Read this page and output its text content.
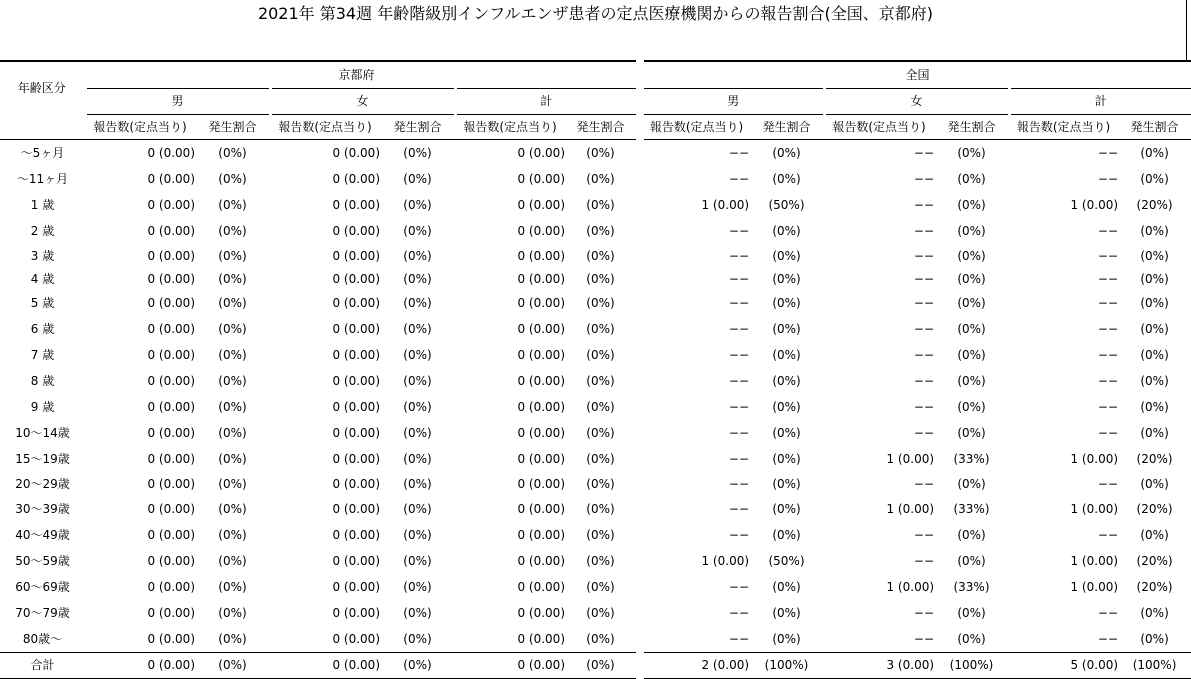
2021年 第34週 年齢階級別インフルエンザ患者の定点医療機関からの報告割合(全国、京都府)
年齢区分	京都府						全国					
	男		女		計		男		女		計	
	報告数(定点当り)	発生割合	報告数(定点当り)	発生割合	報告数(定点当り)	発生割合	報告数(定点当り)	発生割合	報告数(定点当り)	発生割合	報告数(定点当り)	発生割合
〜5ヶ月	0 (0.00)	(0%)	0 (0.00)	(0%)	0 (0.00)	(0%)	−−	(0%)	−−	(0%)	−−	(0%)
〜11ヶ月	0 (0.00)	(0%)	0 (0.00)	(0%)	0 (0.00)	(0%)	−−	(0%)	−−	(0%)	−−	(0%)
1 歳	0 (0.00)	(0%)	0 (0.00)	(0%)	0 (0.00)	(0%)	1 (0.00)	(50%)	−−	(0%)	1 (0.00)	(20%)
2 歳	0 (0.00)	(0%)	0 (0.00)	(0%)	0 (0.00)	(0%)	−−	(0%)	−−	(0%)	−−	(0%)
3 歳	0 (0.00)	(0%)	0 (0.00)	(0%)	0 (0.00)	(0%)	−−	(0%)	−−	(0%)	−−	(0%)
4 歳	0 (0.00)	(0%)	0 (0.00)	(0%)	0 (0.00)	(0%)	−−	(0%)	−−	(0%)	−−	(0%)
5 歳	0 (0.00)	(0%)	0 (0.00)	(0%)	0 (0.00)	(0%)	−−	(0%)	−−	(0%)	−−	(0%)
6 歳	0 (0.00)	(0%)	0 (0.00)	(0%)	0 (0.00)	(0%)	−−	(0%)	−−	(0%)	−−	(0%)
7 歳	0 (0.00)	(0%)	0 (0.00)	(0%)	0 (0.00)	(0%)	−−	(0%)	−−	(0%)	−−	(0%)
8 歳	0 (0.00)	(0%)	0 (0.00)	(0%)	0 (0.00)	(0%)	−−	(0%)	−−	(0%)	−−	(0%)
9 歳	0 (0.00)	(0%)	0 (0.00)	(0%)	0 (0.00)	(0%)	−−	(0%)	−−	(0%)	−−	(0%)
10〜14歳	0 (0.00)	(0%)	0 (0.00)	(0%)	0 (0.00)	(0%)	−−	(0%)	−−	(0%)	−−	(0%)
15〜19歳	0 (0.00)	(0%)	0 (0.00)	(0%)	0 (0.00)	(0%)	−−	(0%)	1 (0.00)	(33%)	1 (0.00)	(20%)
20〜29歳	0 (0.00)	(0%)	0 (0.00)	(0%)	0 (0.00)	(0%)	−−	(0%)	−−	(0%)	−−	(0%)
30〜39歳	0 (0.00)	(0%)	0 (0.00)	(0%)	0 (0.00)	(0%)	−−	(0%)	1 (0.00)	(33%)	1 (0.00)	(20%)
40〜49歳	0 (0.00)	(0%)	0 (0.00)	(0%)	0 (0.00)	(0%)	−−	(0%)	−−	(0%)	−−	(0%)
50〜59歳	0 (0.00)	(0%)	0 (0.00)	(0%)	0 (0.00)	(0%)	1 (0.00)	(50%)	−−	(0%)	1 (0.00)	(20%)
60〜69歳	0 (0.00)	(0%)	0 (0.00)	(0%)	0 (0.00)	(0%)	−−	(0%)	1 (0.00)	(33%)	1 (0.00)	(20%)
70〜79歳	0 (0.00)	(0%)	0 (0.00)	(0%)	0 (0.00)	(0%)	−−	(0%)	−−	(0%)	−−	(0%)
80歳〜	0 (0.00)	(0%)	0 (0.00)	(0%)	0 (0.00)	(0%)	−−	(0%)	−−	(0%)	−−	(0%)
合計	0 (0.00)	(0%)	0 (0.00)	(0%)	0 (0.00)	(0%)	2 (0.00)	(100%)	3 (0.00)	(100%)	5 (0.00)	(100%)
